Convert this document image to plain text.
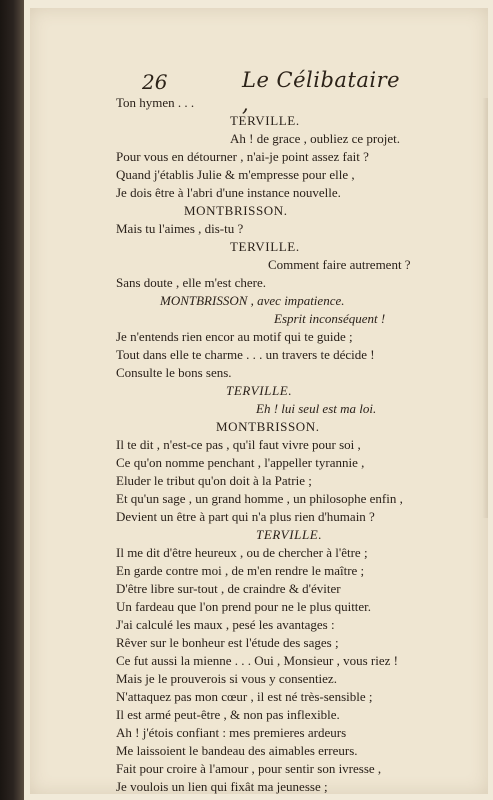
26	Le Célibataire ,
Ton hymen . . .
TERVILLE.
Ah ! de grace , oubliez ce projet.
Pour vous en détourner , n'ai-je point assez fait ?
Quand j'établis Julie & m'empresse pour elle ,
Je dois être à l'abri d'une instance nouvelle.
MONTBRISSON.
Mais tu l'aimes , dis-tu ?
TERVILLE.
Comment faire autrement ?
Sans doute , elle m'est chere.
MONTBRISSON , avec impatience.
Esprit inconséquent !
Je n'entends rien encor au motif qui te guide ;
Tout dans elle te charme . . . un travers te décide !
Consulte le bons sens.
TERVILLE.
Eh ! lui seul est ma loi.
MONTBRISSON.
Il te dit , n'est-ce pas , qu'il faut vivre pour soi ,
Ce qu'on nomme penchant , l'appeller tyrannie ,
Eluder le tribut qu'on doit à la Patrie ;
Et qu'un sage , un grand homme , un philosophe enfin ,
Devient un être à part qui n'a plus rien d'humain ?
TERVILLE.
Il me dit d'être heureux , ou de chercher à l'être ;
En garde contre moi , de m'en rendre le maître ;
D'être libre sur-tout , de craindre & d'éviter
Un fardeau que l'on prend pour ne le plus quitter.
J'ai calculé les maux , pesé les avantages :
Rêver sur le bonheur est l'étude des sages ;
Ce fut aussi la mienne . . . Oui , Monsieur , vous riez !
Mais je le prouverois si vous y consentiez.
N'attaquez pas mon cœur , il est né très-sensible ;
Il est armé peut-être , & non pas inflexible.
Ah ! j'étois confiant : mes premieres ardeurs
Me laissoient le bandeau des aimables erreurs.
Fait pour croire à l'amour , pour sentir son ivresse ,
Je voulois un lien qui fixât ma jeunesse ;
